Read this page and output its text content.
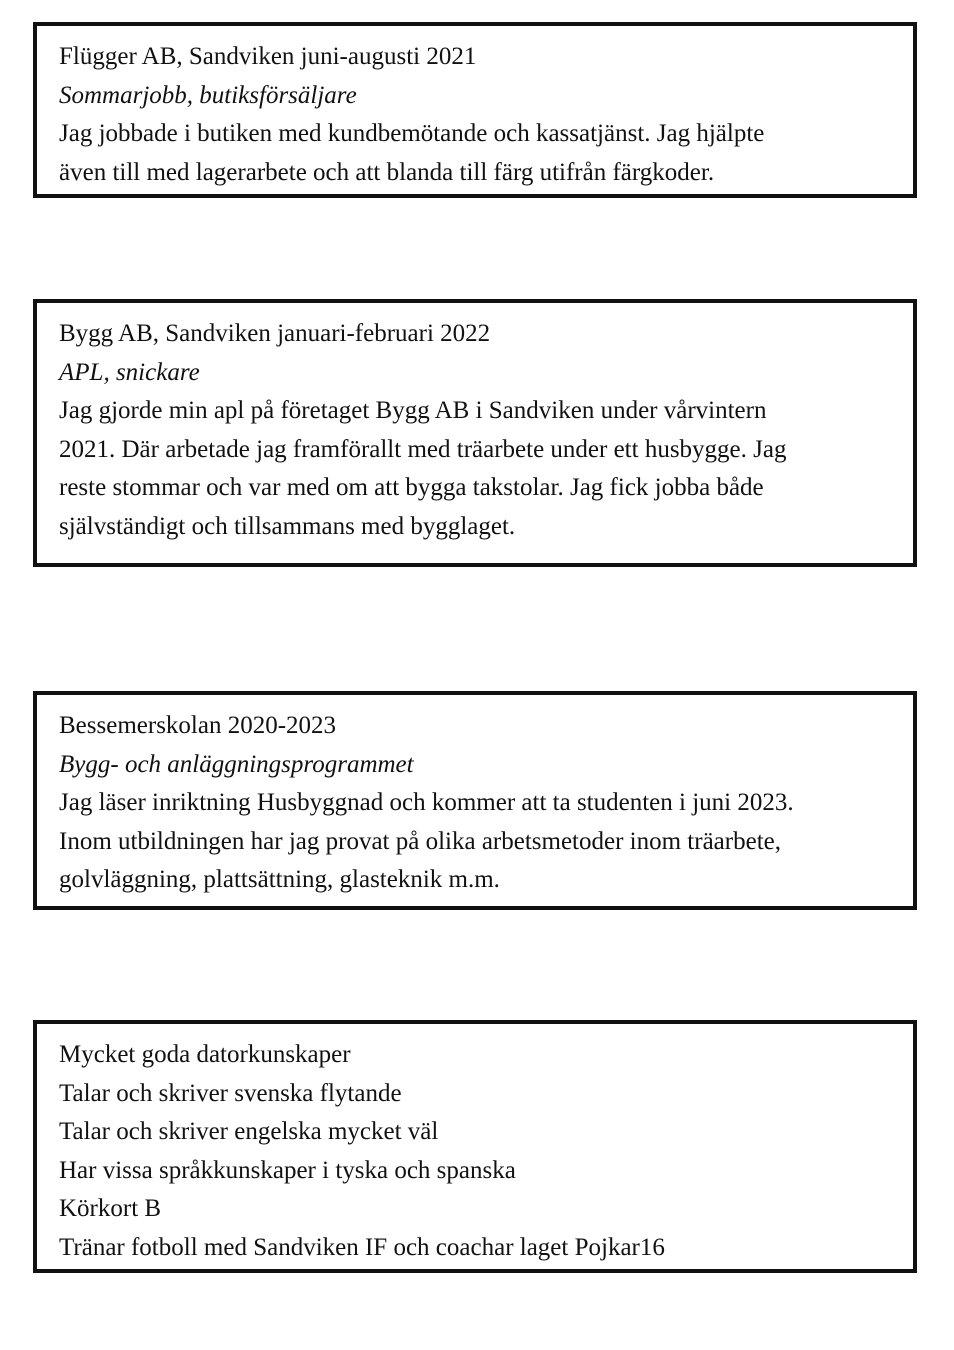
Flügger AB, Sandviken juni-augusti 2021
Sommarjobb, butiksförsäljare
Jag jobbade i butiken med kundbemötande och kassatjänst. Jag hjälpte
även till med lagerarbete och att blanda till färg utifrån färgkoder.
Bygg AB, Sandviken januari-februari 2022
APL, snickare
Jag gjorde min apl på företaget Bygg AB i Sandviken under vårvintern
2021. Där arbetade jag framförallt med träarbete under ett husbygge. Jag
reste stommar och var med om att bygga takstolar. Jag fick jobba både
självständigt och tillsammans med bygglaget.
Bessemerskolan 2020-2023
Bygg- och anläggningsprogrammet
Jag läser inriktning Husbyggnad och kommer att ta studenten i juni 2023.
Inom utbildningen har jag provat på olika arbetsmetoder inom träarbete,
golvläggning, plattsättning, glasteknik m.m.
Mycket goda datorkunskaper
Talar och skriver svenska flytande
Talar och skriver engelska mycket väl
Har vissa språkkunskaper i tyska och spanska
Körkort B
Tränar fotboll med Sandviken IF och coachar laget Pojkar16
